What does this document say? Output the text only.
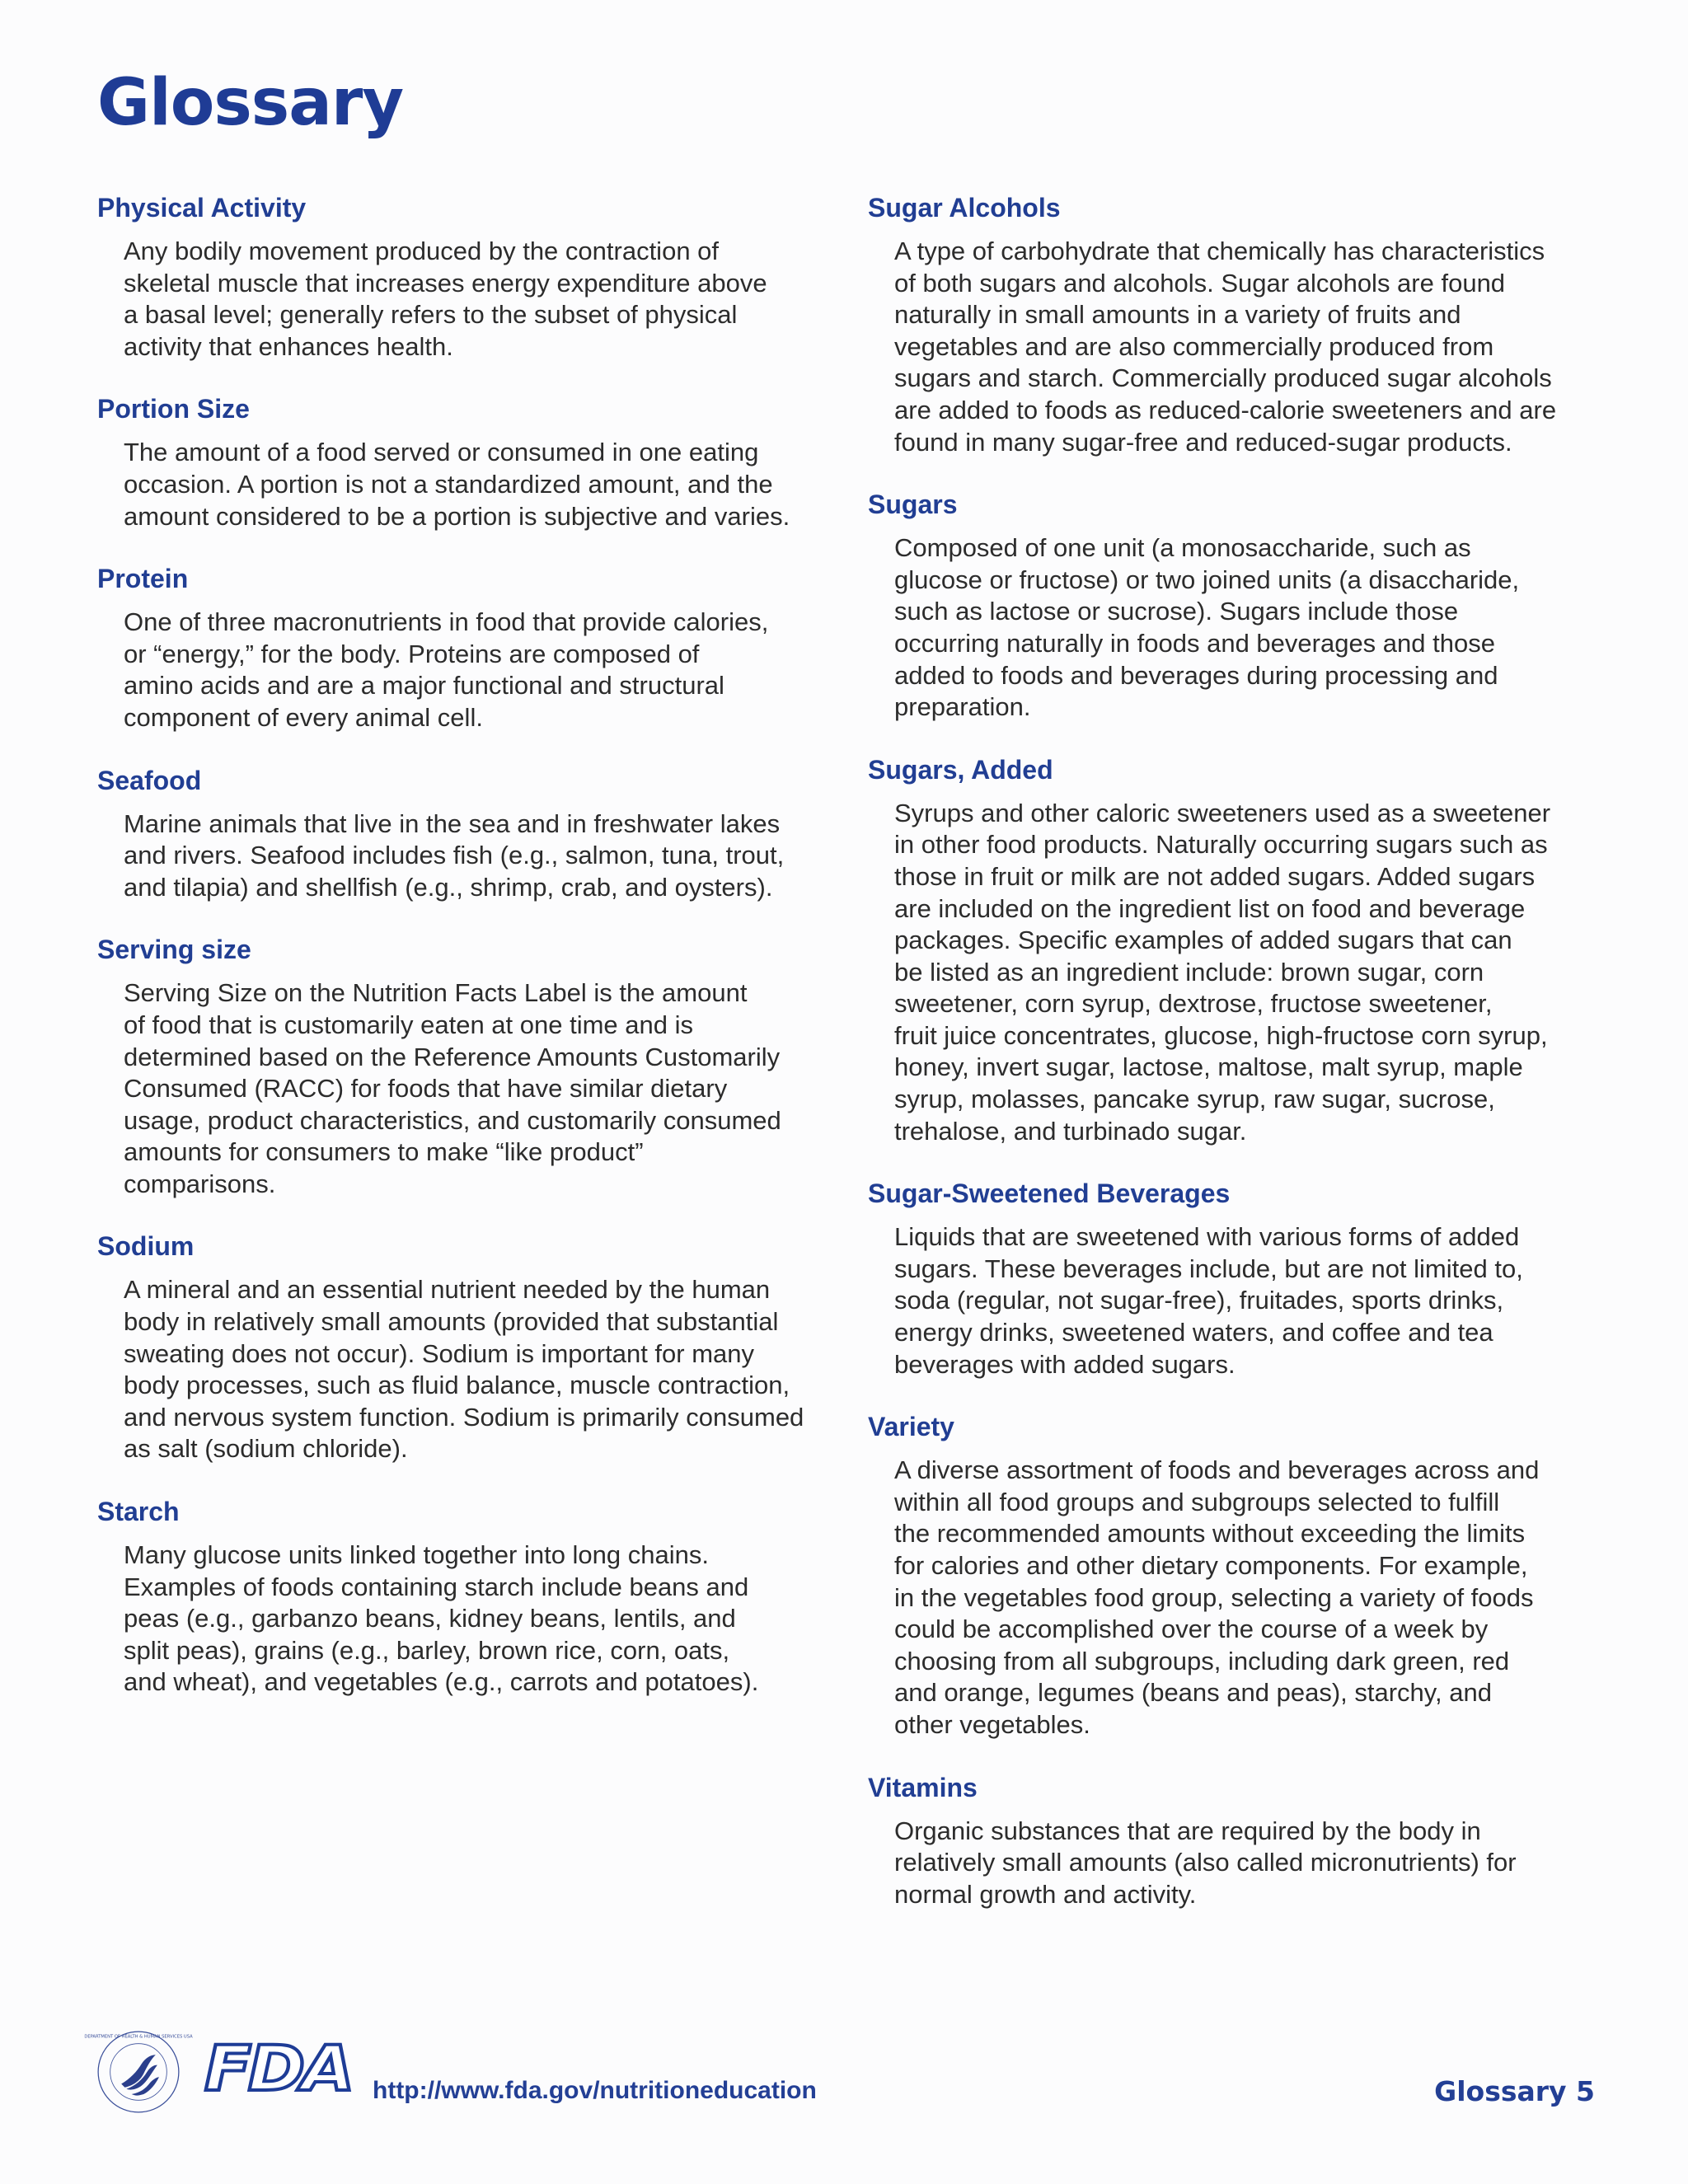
Glossary
Physical Activity

Any bodily movement produced by the contraction of
skeletal muscle that increases energy expenditure above
a basal level; generally refers to the subset of physical
activity that enhances health.

Portion Size

The amount of a food served or consumed in one eating
occasion. A portion is not a standardized amount, and the
amount considered to be a portion is subjective and varies.

Protein

One of three macronutrients in food that provide calories,
or “energy,” for the body. Proteins are composed of
amino acids and are a major functional and structural
component of every animal cell.

Seafood

Marine animals that live in the sea and in freshwater lakes
and rivers. Seafood includes fish (e.g., salmon, tuna, trout,
and tilapia) and shellfish (e.g., shrimp, crab, and oysters).

Serving size

Serving Size on the Nutrition Facts Label is the amount
of food that is customarily eaten at one time and is
determined based on the Reference Amounts Customarily
Consumed (RACC) for foods that have similar dietary
usage, product characteristics, and customarily consumed
amounts for consumers to make “like product”
comparisons.

Sodium

A mineral and an essential nutrient needed by the human
body in relatively small amounts (provided that substantial
sweating does not occur). Sodium is important for many
body processes, such as fluid balance, muscle contraction,
and nervous system function. Sodium is primarily consumed
as salt (sodium chloride).

Starch

Many glucose units linked together into long chains.
Examples of foods containing starch include beans and
peas (e.g., garbanzo beans, kidney beans, lentils, and
split peas), grains (e.g., barley, brown rice, corn, oats,
and wheat), and vegetables (e.g., carrots and potatoes).

Sugar Alcohols

A type of carbohydrate that chemically has characteristics
of both sugars and alcohols. Sugar alcohols are found
naturally in small amounts in a variety of fruits and
vegetables and are also commercially produced from
sugars and starch. Commercially produced sugar alcohols
are added to foods as reduced-calorie sweeteners and are
found in many sugar-free and reduced-sugar products.

Sugars

Composed of one unit (a monosaccharide, such as
glucose or fructose) or two joined units (a disaccharide,
such as lactose or sucrose). Sugars include those
occurring naturally in foods and beverages and those
added to foods and beverages during processing and
preparation.

Sugars, Added

Syrups and other caloric sweeteners used as a sweetener
in other food products. Naturally occurring sugars such as
those in fruit or milk are not added sugars. Added sugars
are included on the ingredient list on food and beverage
packages. Specific examples of added sugars that can
be listed as an ingredient include: brown sugar, corn
sweetener, corn syrup, dextrose, fructose sweetener,
fruit juice concentrates, glucose, high-fructose corn syrup,
honey, invert sugar, lactose, maltose, malt syrup, maple
syrup, molasses, pancake syrup, raw sugar, sucrose,
trehalose, and turbinado sugar.

Sugar-Sweetened Beverages

Liquids that are sweetened with various forms of added
sugars. These beverages include, but are not limited to,
soda (regular, not sugar-free), fruitades, sports drinks,
energy drinks, sweetened waters, and coffee and tea
beverages with added sugars.

Variety

A diverse assortment of foods and beverages across and
within all food groups and subgroups selected to fulfill
the recommended amounts without exceeding the limits
for calories and other dietary components. For example,
in the vegetables food group, selecting a variety of foods
could be accomplished over the course of a week by
choosing from all subgroups, including dark green, red
and orange, legumes (beans and peas), starchy, and
other vegetables.

Vitamins

Organic substances that are required by the body in
relatively small amounts (also called micronutrients) for
normal growth and activity.

DEPARTMENT OF HEALTH & HUMAN SERVICES USA FDA http://www.fda.gov/nutritioneducation	Glossary 5
